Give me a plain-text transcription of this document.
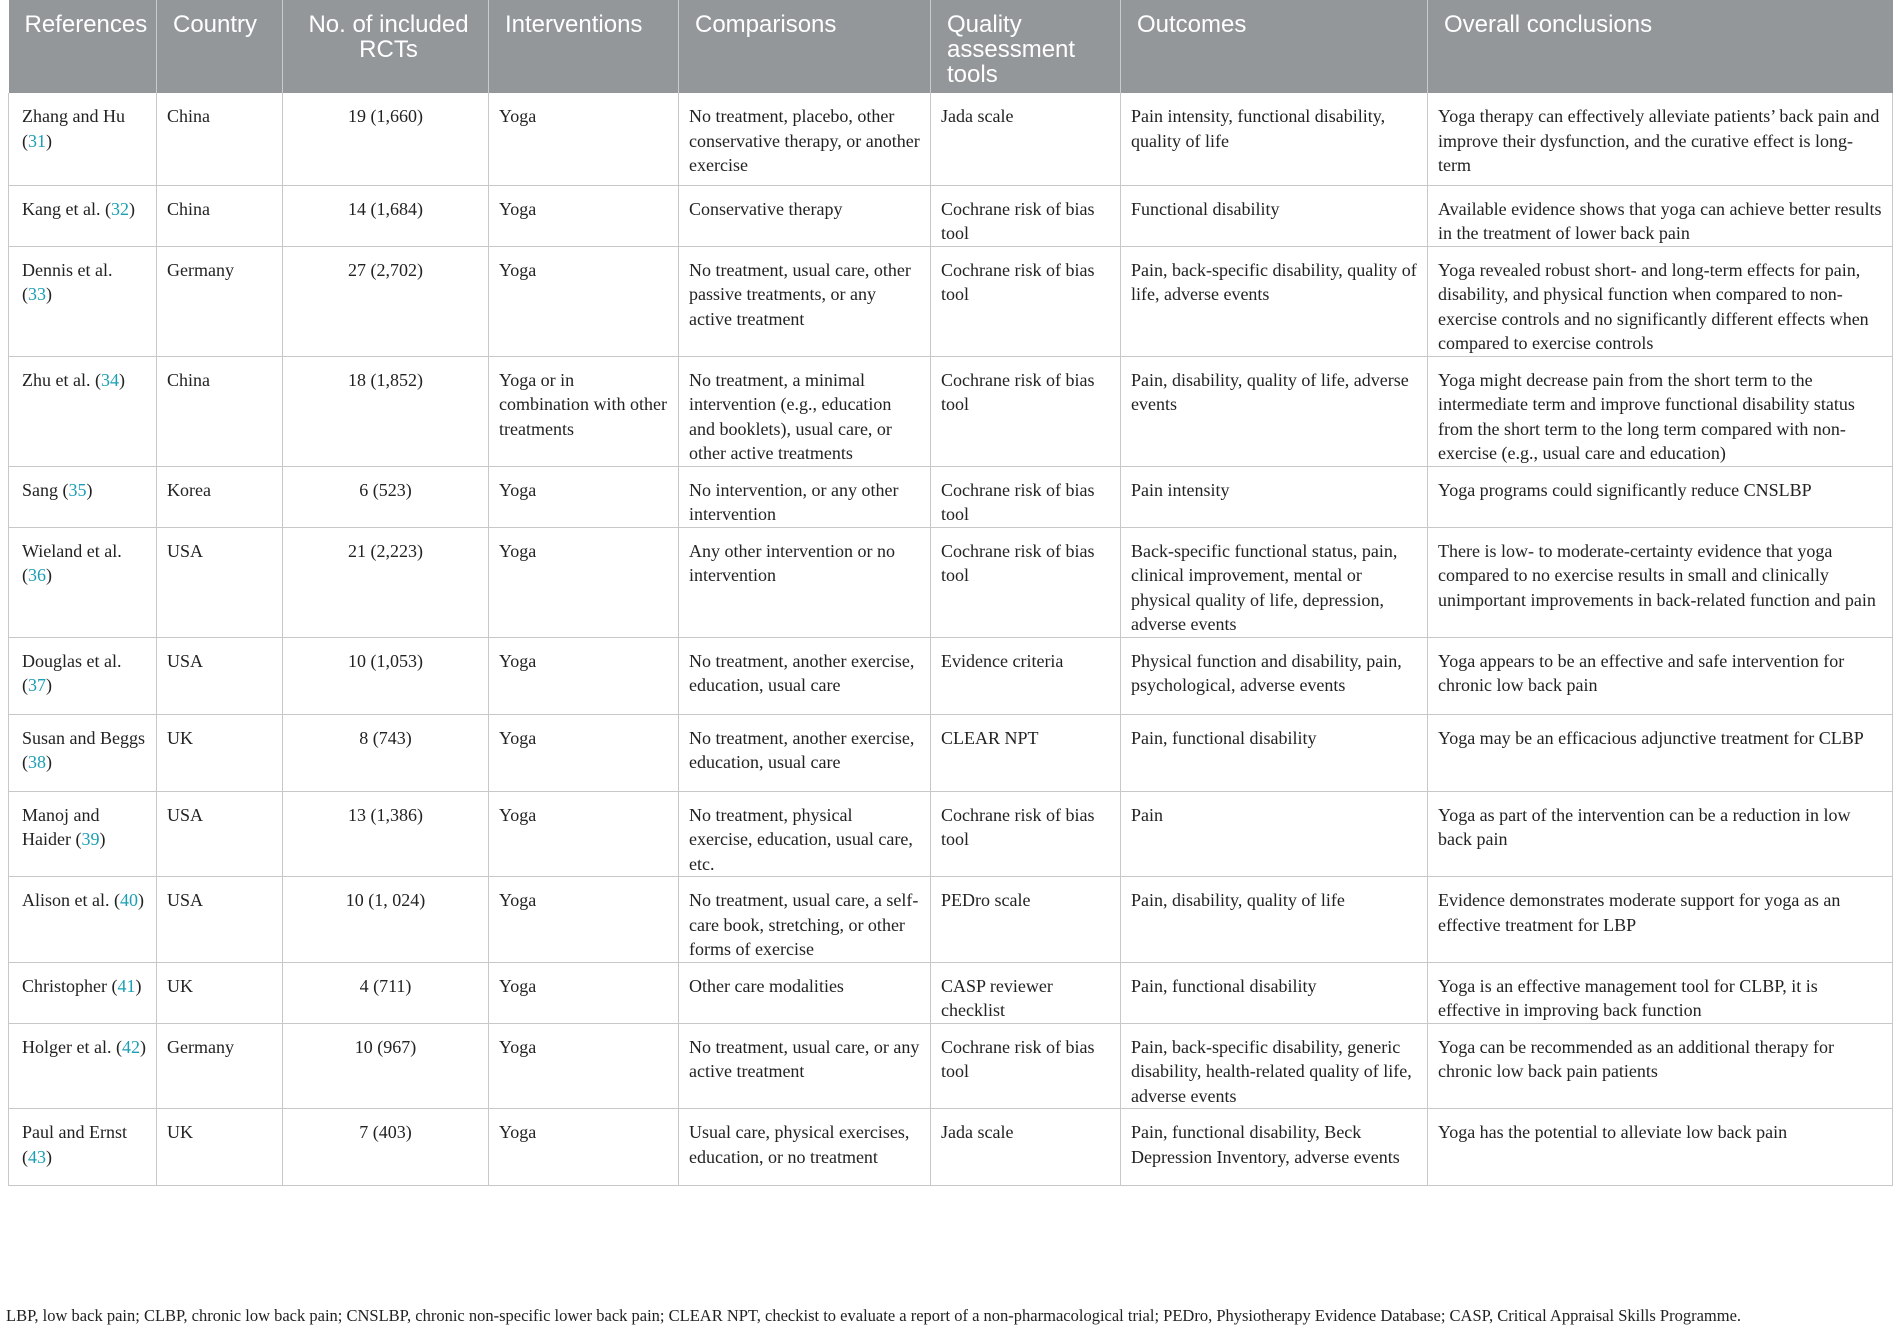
References	Country	No. of included RCTs	Interventions	Comparisons	Quality assessment tools	Outcomes	Overall conclusions
Zhang and Hu (31)	China	19 (1,660)	Yoga	No treatment, placebo, other conservative therapy, or another exercise	Jada scale	Pain intensity, functional disability, quality of life	Yoga therapy can effectively alleviate patients’ back pain and improve their dysfunction, and the curative effect is long-term
Kang et al. (32)	China	14 (1,684)	Yoga	Conservative therapy	Cochrane risk of bias tool	Functional disability	Available evidence shows that yoga can achieve better results in the treatment of lower back pain
Dennis et al. (33)	Germany	27 (2,702)	Yoga	No treatment, usual care, other passive treatments, or any active treatment	Cochrane risk of bias tool	Pain, back-specific disability, quality of life, adverse events	Yoga revealed robust short- and long-term effects for pain, disability, and physical function when compared to non-exercise controls and no significantly different effects when compared to exercise controls
Zhu et al. (34)	China	18 (1,852)	Yoga or in combination with other treatments	No treatment, a minimal intervention (e.g., education and booklets), usual care, or other active treatments	Cochrane risk of bias tool	Pain, disability, quality of life, adverse events	Yoga might decrease pain from the short term to the intermediate term and improve functional disability status from the short term to the long term compared with non-exercise (e.g., usual care and education)
Sang (35)	Korea	6 (523)	Yoga	No intervention, or any other intervention	Cochrane risk of bias tool	Pain intensity	Yoga programs could significantly reduce CNSLBP
Wieland et al. (36)	USA	21 (2,223)	Yoga	Any other intervention or no intervention	Cochrane risk of bias tool	Back-specific functional status, pain, clinical improvement, mental or physical quality of life, depression, adverse events	There is low- to moderate-certainty evidence that yoga compared to no exercise results in small and clinically unimportant improvements in back-related function and pain
Douglas et al. (37)	USA	10 (1,053)	Yoga	No treatment, another exercise, education, usual care	Evidence criteria	Physical function and disability, pain, psychological, adverse events	Yoga appears to be an effective and safe intervention for chronic low back pain
Susan and Beggs (38)	UK	8 (743)	Yoga	No treatment, another exercise, education, usual care	CLEAR NPT	Pain, functional disability	Yoga may be an efficacious adjunctive treatment for CLBP
Manoj and Haider (39)	USA	13 (1,386)	Yoga	No treatment, physical exercise, education, usual care, etc.	Cochrane risk of bias tool	Pain	Yoga as part of the intervention can be a reduction in low back pain
Alison et al. (40)	USA	10 (1, 024)	Yoga	No treatment, usual care, a self-care book, stretching, or other forms of exercise	PEDro scale	Pain, disability, quality of life	Evidence demonstrates moderate support for yoga as an effective treatment for LBP
Christopher (41)	UK	4 (711)	Yoga	Other care modalities	CASP reviewer checklist	Pain, functional disability	Yoga is an effective management tool for CLBP, it is effective in improving back function
Holger et al. (42)	Germany	10 (967)	Yoga	No treatment, usual care, or any active treatment	Cochrane risk of bias tool	Pain, back-specific disability, generic disability, health-related quality of life, adverse events	Yoga can be recommended as an additional therapy for chronic low back pain patients
Paul and Ernst (43)	UK	7 (403)	Yoga	Usual care, physical exercises, education, or no treatment	Jada scale	Pain, functional disability, Beck Depression Inventory, adverse events	Yoga has the potential to alleviate low back pain
LBP, low back pain; CLBP, chronic low back pain; CNSLBP, chronic non-specific lower back pain; CLEAR NPT, checkist to evaluate a report of a non-pharmacological trial; PEDro, Physiotherapy Evidence Database; CASP, Critical Appraisal Skills Programme.
